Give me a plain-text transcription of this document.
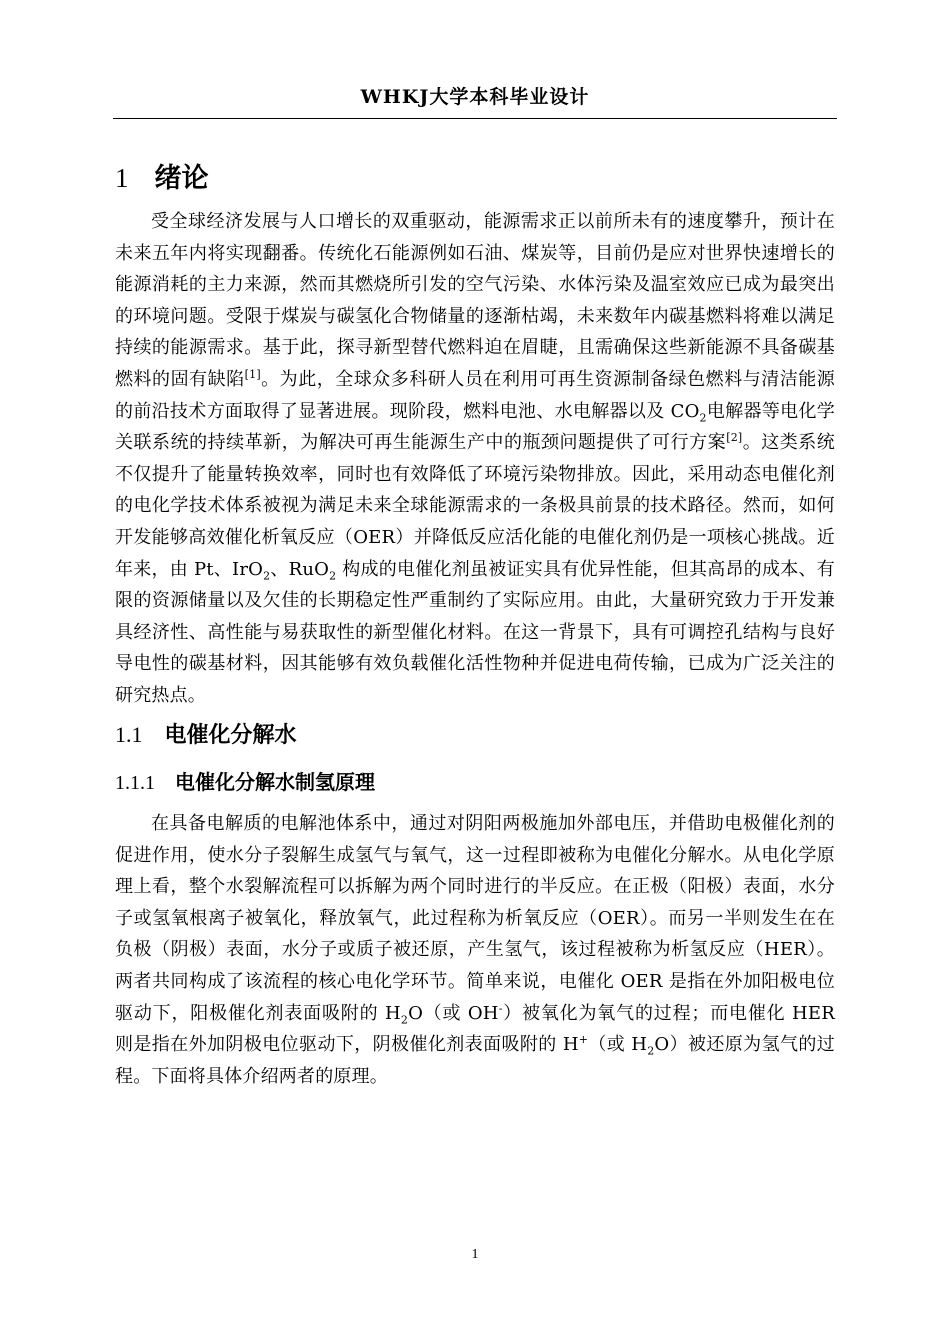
WHKJ大学本科毕业设计
1 绪论

受全球经济发展与人口增长的双重驱动，能源需求正以前所未有的速度攀升，预计在未来五年内将实现翻番。传统化石能源例如石油、煤炭等，目前仍是应对世界快速增长的能源消耗的主力来源，然而其燃烧所引发的空气污染、水体污染及温室效应已成为最突出的环境问题。受限于煤炭与碳氢化合物储量的逐渐枯竭，未来数年内碳基燃料将难以满足持续的能源需求。基于此，探寻新型替代燃料迫在眉睫，且需确保这些新能源不具备碳基燃料的固有缺陷[1]。为此，全球众多科研人员在利用可再生资源制备绿色燃料与清洁能源的前沿技术方面取得了显著进展。现阶段，燃料电池、水电解器以及 $CO_2$电解器等电化学关联系统的持续革新，为解决可再生能源生产中的瓶颈问题提供了可行方案[2]。这类系统不仅提升了能量转换效率，同时也有效降低了环境污染物排放。因此，采用动态电催化剂的电化学技术体系被视为满足未来全球能源需求的一条极具前景的技术路径。然而，如何开发能够高效催化析氧反应（OER）并降低反应活化能的电催化剂仍是一项核心挑战。近年来，由 Pt、IrO$_2$、RuO$_2$ 构成的电催化剂虽被证实具有优异性能，但其高昂的成本、有限的资源储量以及欠佳的长期稳定性严重制约了实际应用。由此，大量研究致力于开发兼具经济性、高性能与易获取性的新型催化材料。在这一背景下，具有可调控孔结构与良好导电性的碳基材料，因其能够有效负载催化活性物种并促进电荷传输，已成为广泛关注的研究热点。

1.1 电催化分解水
1.1.1 电催化分解水制氢原理

在具备电解质的电解池体系中，通过对阴阳两极施加外部电压，并借助电极催化剂的促进作用，使水分子裂解生成氢气与氧气，这一过程即被称为电催化分解水。从电化学原理上看，整个水裂解流程可以拆解为两个同时进行的半反应。在正极（阳极）表面，水分子或氢氧根离子被氧化，释放氧气，此过程称为析氧反应（OER）。而另一半则发生在在负极（阴极）表面，水分子或质子被还原，产生氢气，该过程被称为析氢反应（HER）。两者共同构成了该流程的核心电化学环节。简单来说，电催化 OER 是指在外加阳极电位驱动下，阳极催化剂表面吸附的 $H_2O$（或 OH-）被氧化为氧气的过程；而电催化 HER 则是指在外加阴极电位驱动下，阴极催化剂表面吸附的 H+（或 $H_2O$）被还原为氢气的过程。下面将具体介绍两者的原理。

1
